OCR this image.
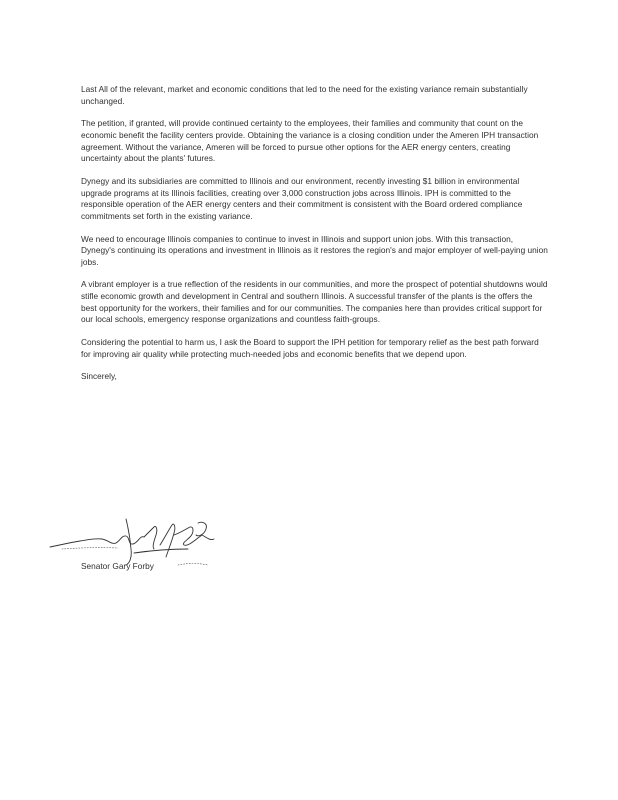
Last All of the relevant, market and economic conditions that led to the need for the existing variance remain substantially unchanged.

The petition, if granted, will provide continued certainty to the employees, their families and community that count on the economic benefit the facility centers provide. Obtaining the variance is a closing condition under the Ameren IPH transaction agreement. Without the variance, Ameren will be forced to pursue other options for the AER energy centers, creating uncertainty about the plants' futures.

Dynegy and its subsidiaries are committed to Illinois and our environment, recently investing $1 billion in environmental upgrade programs at its Illinois facilities, creating over 3,000 construction jobs across Illinois. IPH is committed to the responsible operation of the AER energy centers and their commitment is consistent with the Board ordered compliance commitments set forth in the existing variance.

We need to encourage Illinois companies to continue to invest in Illinois and support union jobs. With this transaction, Dynegy's continuing its operations and investment in Illinois as it restores the region's and major employer of well-paying union jobs.

A vibrant employer is a true reflection of the residents in our communities, and more the prospect of potential shutdowns would stifle economic growth and development in Central and southern Illinois. A successful transfer of the plants is the offers the best opportunity for the workers, their families and for our communities. The companies here than provides critical support for our local schools, emergency response organizations and countless faith-groups.

Considering the potential to harm us, I ask the Board to support the IPH petition for temporary relief as the best path forward for improving air quality while protecting much-needed jobs and economic benefits that we depend upon.

Sincerely,

Senator Gary Forby
